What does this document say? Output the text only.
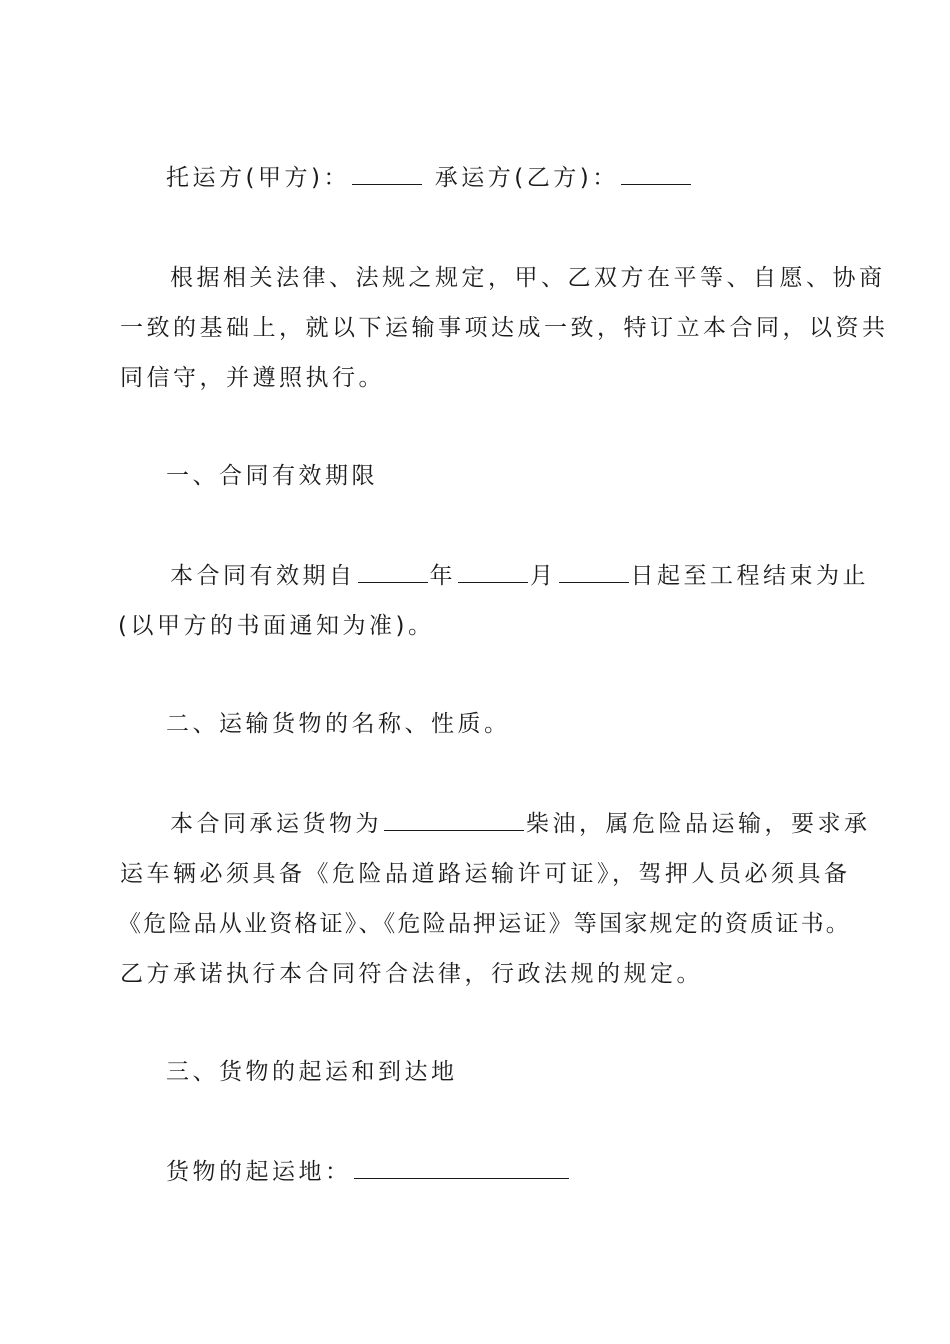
托运方(甲方)：	承运方(乙方)：
根据相关法律、法规之规定，甲、乙双方在平等、自愿、协商
一致的基础上，就以下运输事项达成一致，特订立本合同，以资共
同信守，并遵照执行。
一、合同有效期限
本合同有效期自	年	月	日起至工程结束为止
(以甲方的书面通知为准)。
二、运输货物的名称、性质。
本合同承运货物为	柴油，属危险品运输，要求承
运车辆必须具备《危险品道路运输许可证》，驾押人员必须具备
《危险品从业资格证》、《危险品押运证》等国家规定的资质证书。
乙方承诺执行本合同符合法律，行政法规的规定。
三、货物的起运和到达地
货物的起运地：
